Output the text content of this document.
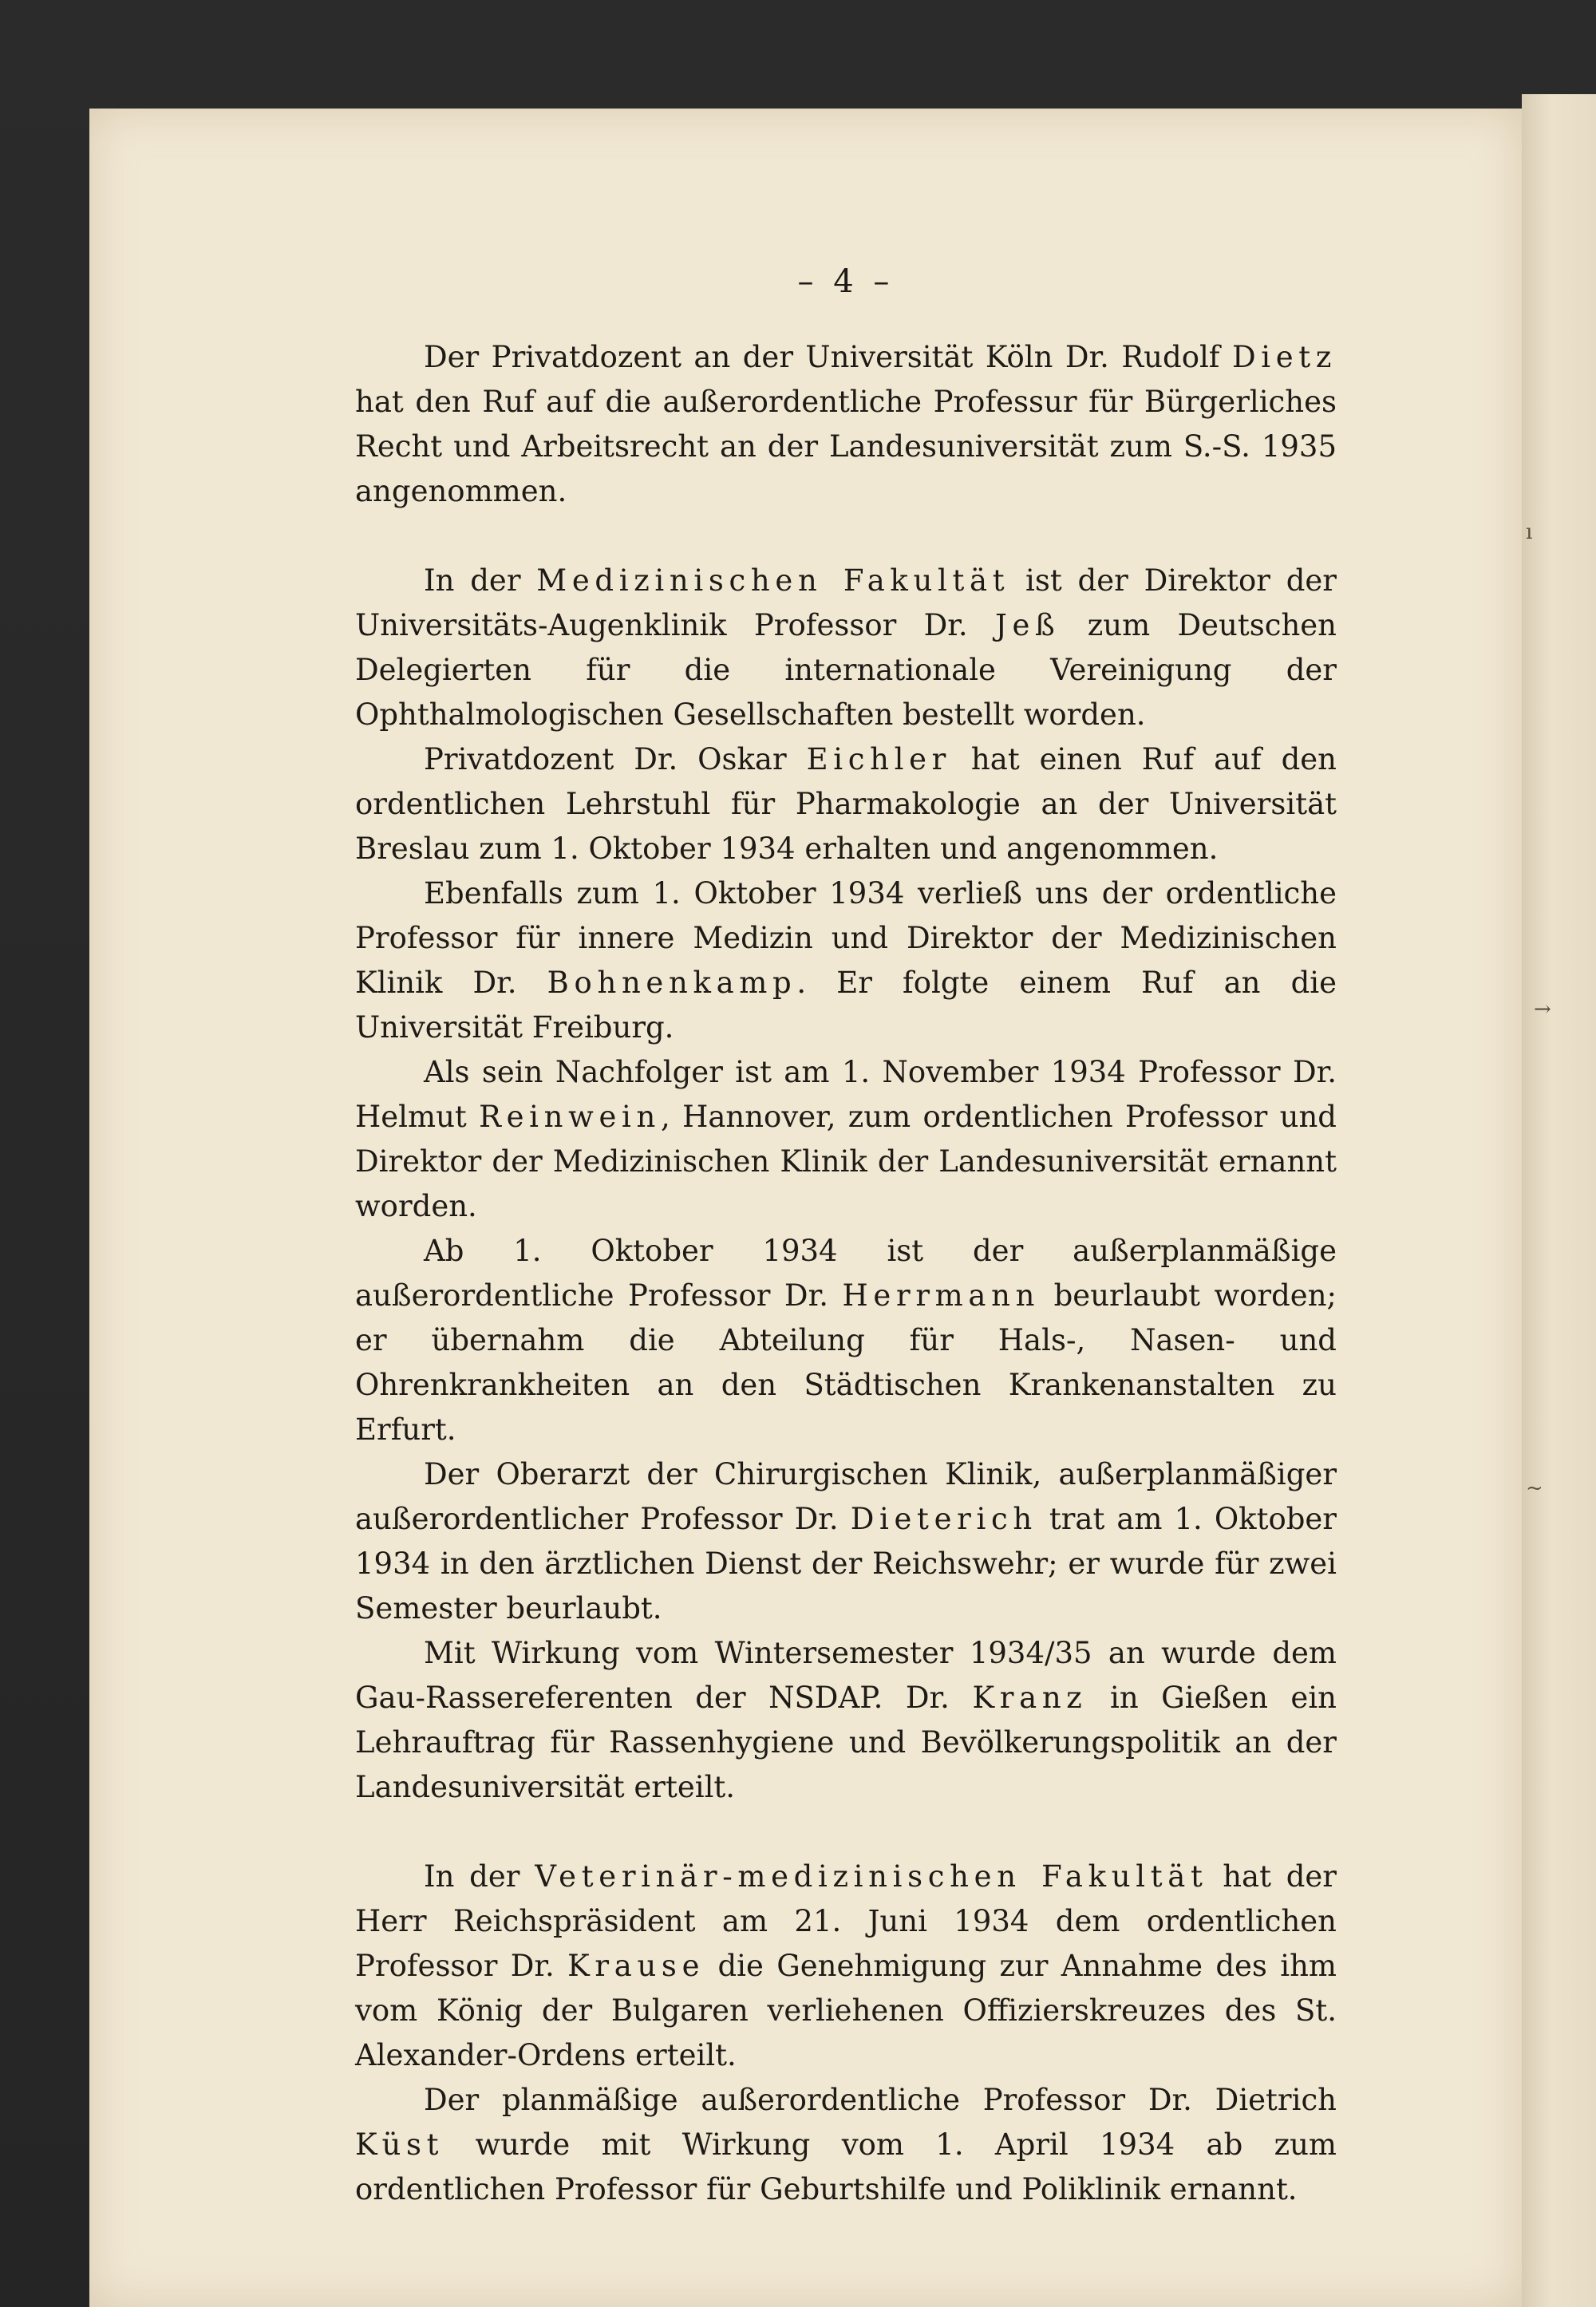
– 4 –

Der Privatdozent an der Universität Köln Dr. Rudolf Dietz hat den Ruf auf die außerordentliche Professur für Bürgerliches Recht und Arbeitsrecht an der Landesuniversität zum S.-S. 1935 angenommen.

In der Medizinischen Fakultät ist der Direktor der Universitäts-Augenklinik Professor Dr. Jeß zum Deutschen Delegierten für die internationale Vereinigung der Ophthalmologischen Gesellschaften bestellt worden.

Privatdozent Dr. Oskar Eichler hat einen Ruf auf den ordentlichen Lehrstuhl für Pharmakologie an der Universität Breslau zum 1. Oktober 1934 erhalten und angenommen.

Ebenfalls zum 1. Oktober 1934 verließ uns der ordentliche Professor für innere Medizin und Direktor der Medizinischen Klinik Dr. Bohnenkamp. Er folgte einem Ruf an die Universität Freiburg.

Als sein Nachfolger ist am 1. November 1934 Professor Dr. Helmut Reinwein, Hannover, zum ordentlichen Professor und Direktor der Medizinischen Klinik der Landesuniversität ernannt worden.

Ab 1. Oktober 1934 ist der außerplanmäßige außerordentliche Professor Dr. Herrmann beurlaubt worden; er übernahm die Abteilung für Hals-, Nasen- und Ohrenkrankheiten an den Städtischen Krankenanstalten zu Erfurt.

Der Oberarzt der Chirurgischen Klinik, außerplanmäßiger außerordentlicher Professor Dr. Dieterich trat am 1. Oktober 1934 in den ärztlichen Dienst der Reichswehr; er wurde für zwei Semester beurlaubt.

Mit Wirkung vom Wintersemester 1934/35 an wurde dem Gau-Rassereferenten der NSDAP. Dr. Kranz in Gießen ein Lehrauftrag für Rassenhygiene und Bevölkerungspolitik an der Landesuniversität erteilt.

In der Veterinär-medizinischen Fakultät hat der Herr Reichspräsident am 21. Juni 1934 dem ordentlichen Professor Dr. Krause die Genehmigung zur Annahme des ihm vom König der Bulgaren verliehenen Offizierskreuzes des St. Alexander-Ordens erteilt.

Der planmäßige außerordentliche Professor Dr. Dietrich Küst wurde mit Wirkung vom 1. April 1934 ab zum ordentlichen Professor für Geburtshilfe und Poliklinik ernannt.

ı
→
~
